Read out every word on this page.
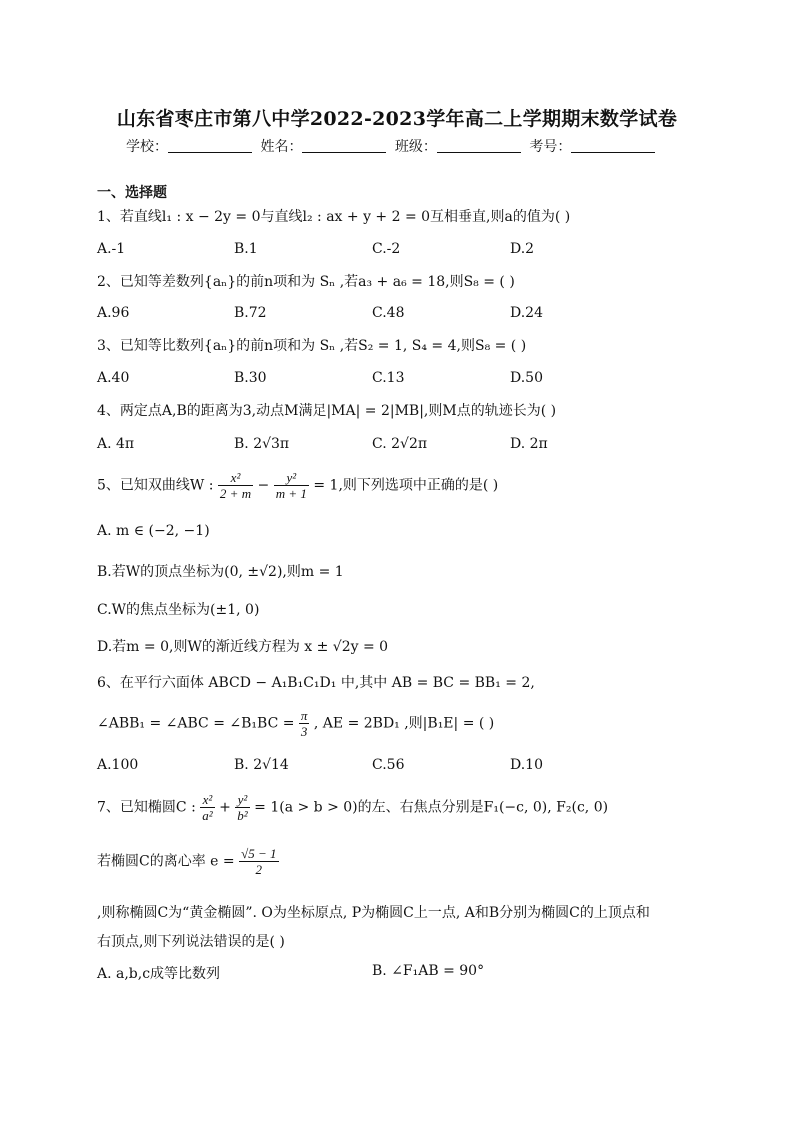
山东省枣庄市第八中学2022-2023学年高二上学期期末数学试卷
学校：	姓名：	班级：	考号：
一、选择题
1、若直线l₁ : x − 2y = 0与直线l₂ : ax + y + 2 = 0互相垂直,则a的值为( )
A.-1	B.1	C.-2	D.2
2、已知等差数列{aₙ}的前n项和为 Sₙ ,若a₃ + a₆ = 18,则S₈ = ( )
A.96	B.72	C.48	D.24
3、已知等比数列{aₙ}的前n项和为 Sₙ ,若S₂ = 1, S₄ = 4,则S₈ = ( )
A.40	B.30	C.13	D.50
4、两定点A,B的距离为3,动点M满足|MA| = 2|MB|,则M点的轨迹长为( )
A. 4π	B. 2√3π	C. 2√2π	D. 2π
5、已知双曲线W : $\frac{\text{x²}}{2 + m} - \frac{\text{y²}}{m + 1} = 1$,则下列选项中正确的是( )
A. m ∈ (−2, −1)
B.若W的顶点坐标为(0, ±√2),则m = 1
C.W的焦点坐标为(±1, 0)
D.若m = 0,则W的渐近线方程为 x ± √2y = 0
6、在平行六面体 ABCD − A₁B₁C₁D₁ 中,其中 AB = BC = BB₁ = 2,
∠ABB₁ = ∠ABC = ∠B₁BC = $\frac{\pi}{3}$ , AE = 2BD₁ ,则|B₁E| = ( )
A.100	B. 2√14	C.56	D.10
7、已知椭圆C : $\frac{\text{x²}}{\text{a²}} + \frac{\text{y²}}{\text{b²}} = 1(a > b > 0)$的左、右焦点分别是F₁(−c, 0), F₂(c, 0)
若椭圆C的离心率 $e = \frac{√5 - 1}{2}$
,则称椭圆C为“黄金椭圆”. O为坐标原点, P为椭圆C上一点, A和B分别为椭圆C的上顶点和
右顶点,则下列说法错误的是( )
A. a,b,c成等比数列	B. ∠F₁AB = 90°
